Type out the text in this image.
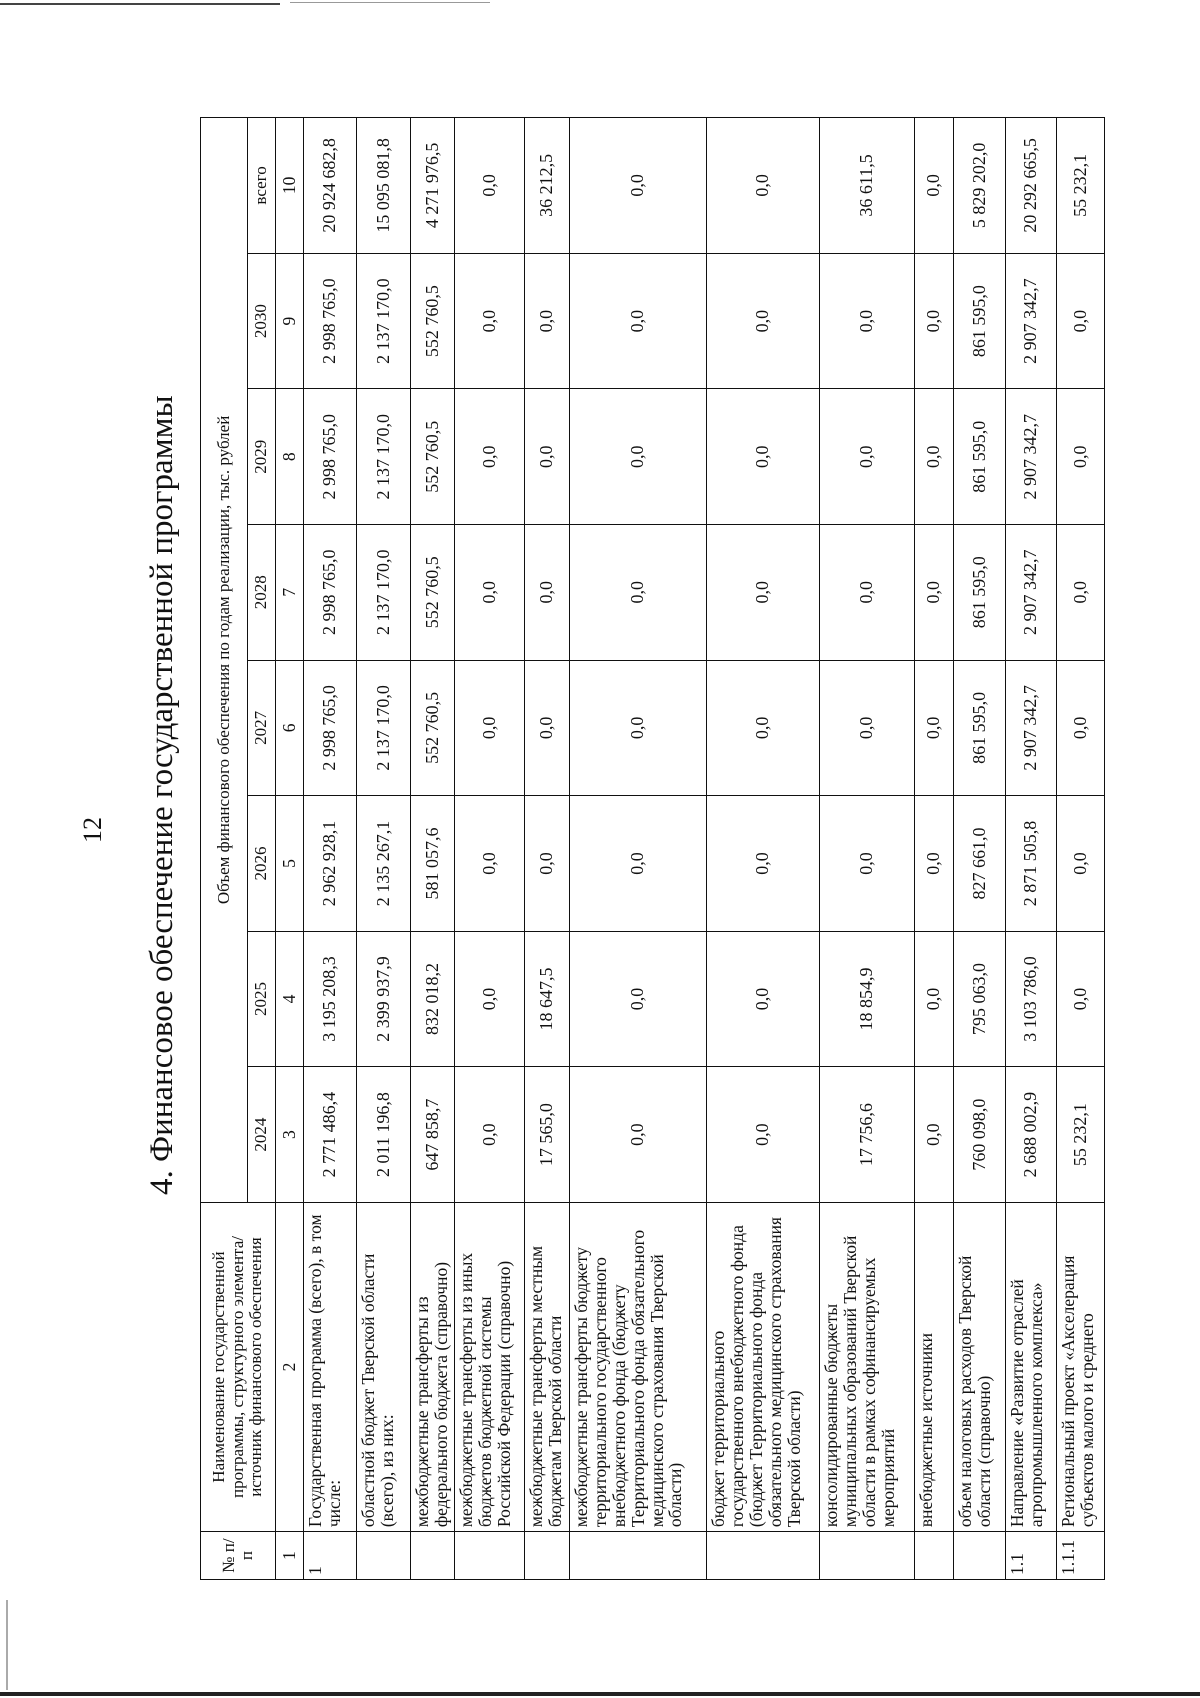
12 4. Финансовое обеспечение государственной программы
№ п/п	Наименование государственной программы, структурного элемента/источник финансового обеспечения	Объем финансового обеспечения по годам реализации, тыс. рублей							
		2024	2025	2026	2027	2028	2029	2030	всего
1	2	3	4	5	6	7	8	9	10
1	Государственная программа (всего), в том числе:	2 771 486,4	3 195 208,3	2 962 928,1	2 998 765,0	2 998 765,0	2 998 765,0	2 998 765,0	20 924 682,8
	областной бюджет Тверской области (всего), из них:	2 011 196,8	2 399 937,9	2 135 267,1	2 137 170,0	2 137 170,0	2 137 170,0	2 137 170,0	15 095 081,8
	межбюджетные трансферты из федерального бюджета (справочно)	647 858,7	832 018,2	581 057,6	552 760,5	552 760,5	552 760,5	552 760,5	4 271 976,5
	межбюджетные трансферты из иных бюджетов бюджетной системы Российской Федерации (справочно)	0,0	0,0	0,0	0,0	0,0	0,0	0,0	0,0
	межбюджетные трансферты местным бюджетам Тверской области	17 565,0	18 647,5	0,0	0,0	0,0	0,0	0,0	36 212,5
	межбюджетные трансферты бюджету территориального государственного внебюджетного фонда (бюджету Территориального фонда обязательного медицинского страхования Тверской области)	0,0	0,0	0,0	0,0	0,0	0,0	0,0	0,0
	бюджет территориального государственного внебюджетного фонда (бюджет Территориального фонда обязательного медицинского страхования Тверской области)	0,0	0,0	0,0	0,0	0,0	0,0	0,0	0,0
	консолидированные бюджеты муниципальных образований Тверской области в рамках софинансируемых мероприятий	17 756,6	18 854,9	0,0	0,0	0,0	0,0	0,0	36 611,5
	внебюджетные источники	0,0	0,0	0,0	0,0	0,0	0,0	0,0	0,0
	объем налоговых расходов Тверской области (справочно)	760 098,0	795 063,0	827 661,0	861 595,0	861 595,0	861 595,0	861 595,0	5 829 202,0
1.1	Направление «Развитие отраслей агропромышленного комплекса»	2 688 002,9	3 103 786,0	2 871 505,8	2 907 342,7	2 907 342,7	2 907 342,7	2 907 342,7	20 292 665,5
1.1.1	Региональный проект «Акселерация субъектов малого и среднего	55 232,1	0,0	0,0	0,0	0,0	0,0	0,0	55 232,1
